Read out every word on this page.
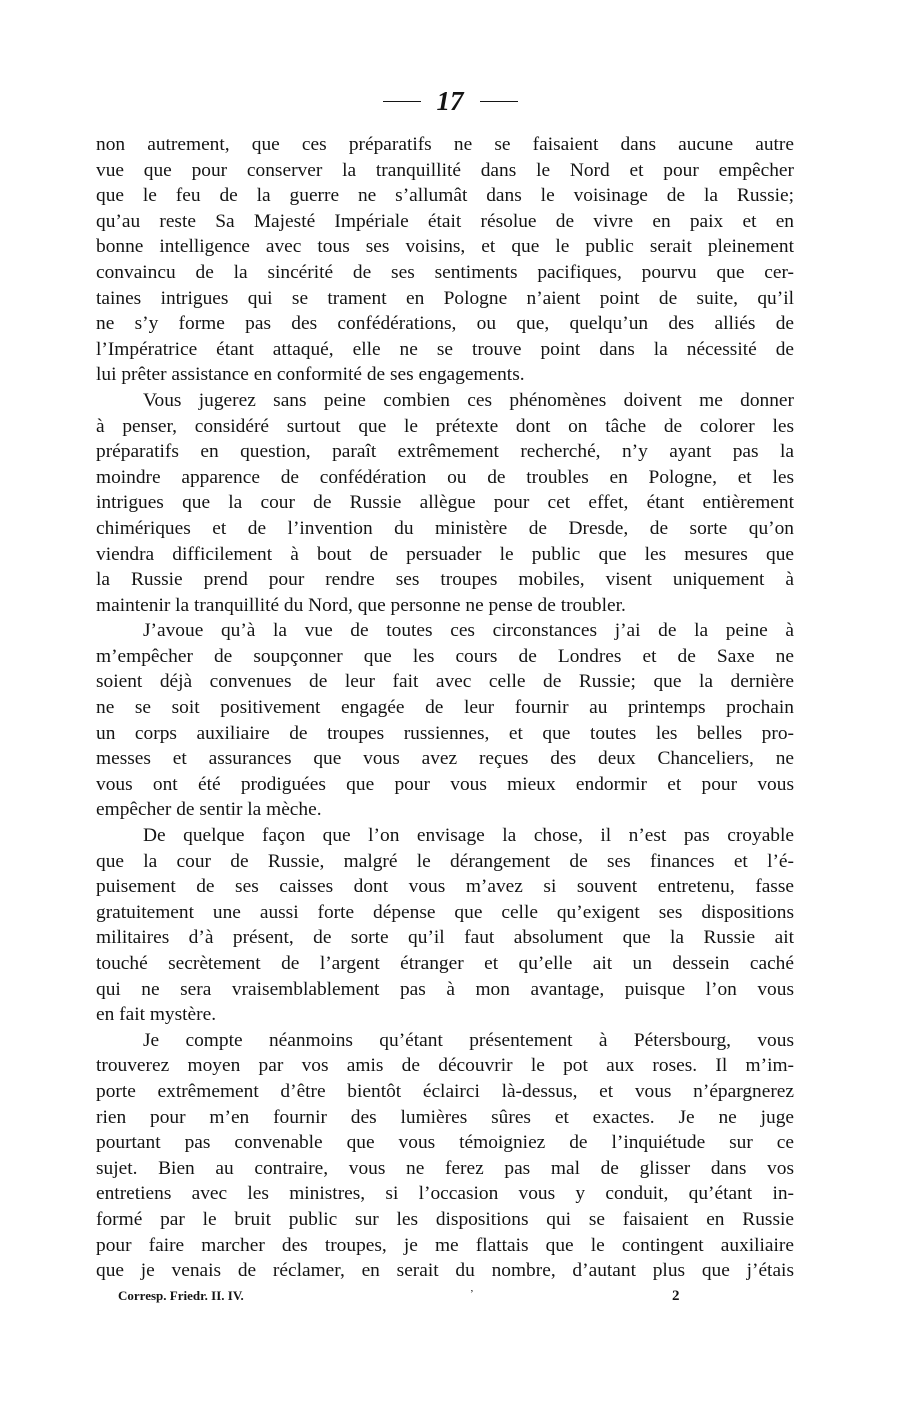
17
non autrement, que ces préparatifs ne se faisaient dans aucune autre
vue que pour conserver la tranquillité dans le Nord et pour empêcher
que le feu de la guerre ne s’allumât dans le voisinage de la Russie;
qu’au reste Sa Majesté Impériale était résolue de vivre en paix et en
bonne intelligence avec tous ses voisins, et que le public serait pleinement
convaincu de la sincérité de ses sentiments pacifiques, pourvu que cer-
taines intrigues qui se trament en Pologne n’aient point de suite, qu’il
ne s’y forme pas des confédérations, ou que, quelqu’un des alliés de
l’Impératrice étant attaqué, elle ne se trouve point dans la nécessité de
lui prêter assistance en conformité de ses engagements.
Vous jugerez sans peine combien ces phénomènes doivent me donner
à penser, considéré surtout que le prétexte dont on tâche de colorer les
préparatifs en question, paraît extrêmement recherché, n’y ayant pas la
moindre apparence de confédération ou de troubles en Pologne, et les
intrigues que la cour de Russie allègue pour cet effet, étant entièrement
chimériques et de l’invention du ministère de Dresde, de sorte qu’on
viendra difficilement à bout de persuader le public que les mesures que
la Russie prend pour rendre ses troupes mobiles, visent uniquement à
maintenir la tranquillité du Nord, que personne ne pense de troubler.
J’avoue qu’à la vue de toutes ces circonstances j’ai de la peine à
m’empêcher de soupçonner que les cours de Londres et de Saxe ne
soient déjà convenues de leur fait avec celle de Russie; que la dernière
ne se soit positivement engagée de leur fournir au printemps prochain
un corps auxiliaire de troupes russiennes, et que toutes les belles pro-
messes et assurances que vous avez reçues des deux Chanceliers, ne
vous ont été prodiguées que pour vous mieux endormir et pour vous
empêcher de sentir la mèche.
De quelque façon que l’on envisage la chose, il n’est pas croyable
que la cour de Russie, malgré le dérangement de ses finances et l’é-
puisement de ses caisses dont vous m’avez si souvent entretenu, fasse
gratuitement une aussi forte dépense que celle qu’exigent ses dispositions
militaires d’à présent, de sorte qu’il faut absolument que la Russie ait
touché secrètement de l’argent étranger et qu’elle ait un dessein caché
qui ne sera vraisemblablement pas à mon avantage, puisque l’on vous
en fait mystère.
Je compte néanmoins qu’étant présentement à Pétersbourg, vous
trouverez moyen par vos amis de découvrir le pot aux roses. Il m’im-
porte extrêmement d’être bientôt éclairci là-dessus, et vous n’épargnerez
rien pour m’en fournir des lumières sûres et exactes. Je ne juge
pourtant pas convenable que vous témoigniez de l’inquiétude sur ce
sujet. Bien au contraire, vous ne ferez pas mal de glisser dans vos
entretiens avec les ministres, si l’occasion vous y conduit, qu’étant in-
formé par le bruit public sur les dispositions qui se faisaient en Russie
pour faire marcher des troupes, je me flattais que le contingent auxiliaire
que je venais de réclamer, en serait du nombre, d’autant plus que j’étais
Corresp. Friedr. II. IV.	’	2
